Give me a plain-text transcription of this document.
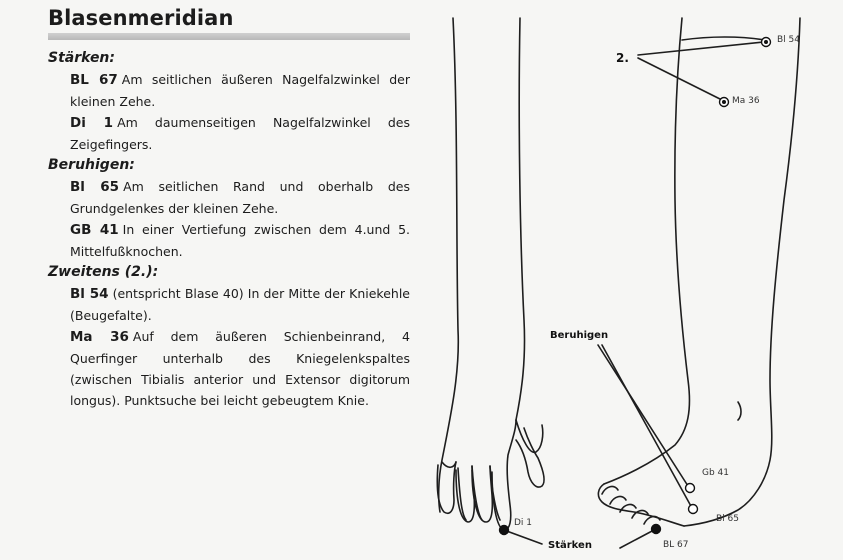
Blasenmeridian

Stärken:

BL 67 Am seitlichen äußeren Nagelfalzwinkel der kleinen Zehe.

Di 1 Am daumenseitigen Nagelfalzwinkel des Zeigefingers.

Beruhigen:

Bl 65 Am seitlichen Rand und oberhalb des Grundgelenkes der kleinen Zehe.

GB 41 In einer Vertiefung zwischen dem 4.und 5. Mittelfußknochen.

Zweitens (2.):

Bl 54 (entspricht Blase 40) In der Mitte der Kniekehle (Beugefalte).

Ma 36 Auf dem äußeren Schienbeinrand, 4 Querfinger unterhalb des Kniegelenkspaltes (zwischen Tibialis anterior und Extensor digitorum longus). Punktsuche bei leicht gebeugtem Knie.

2.
Bl 54
Ma 36
Beruhigen
Gb 41
Bl 65
BL 67
Di 1
Stärken
